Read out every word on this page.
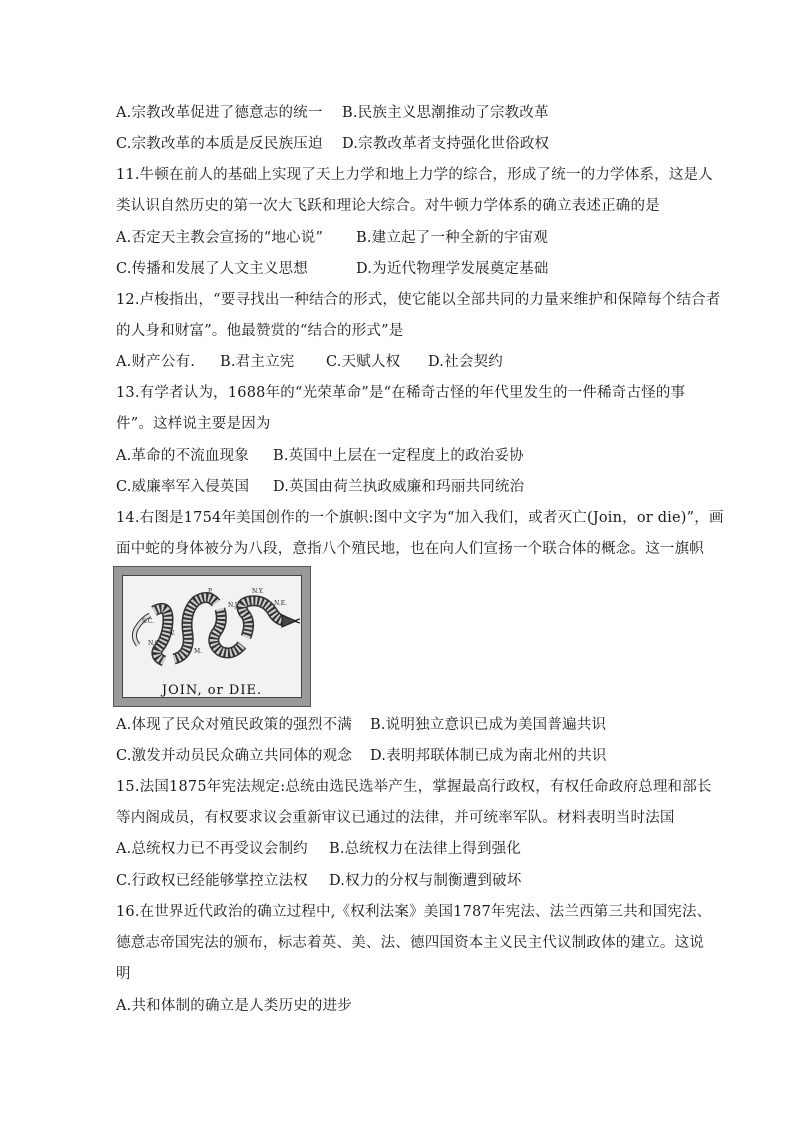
A.宗教改革促进了德意志的统一 B.民族主义思潮推动了宗教改革
C.宗教改革的本质是反民族压迫 D.宗教改革者支持强化世俗政权
11.牛顿在前人的基础上实现了天上力学和地上力学的综合，形成了统一的力学体系，这是人
类认识自然历史的第一次大飞跃和理论大综合。对牛顿力学体系的确立表述正确的是
A.否定天主教会宣扬的“地心说” B.建立起了一种全新的宇宙观
C.传播和发展了人文主义思想	D.为近代物理学发展奠定基础
12.卢梭指出，“要寻找出一种结合的形式，使它能以全部共同的力量来维护和保障每个结合者
的人身和财富”。他最赞赏的“结合的形式”是
A.财产公有. B.君主立宪 C.天赋人权 D.社会契约
13.有学者认为，1688年的“光荣革命”是“在稀奇古怪的年代里发生的一件稀奇古怪的事
件”。这样说主要是因为
A.革命的不流血现象 B.英国中上层在一定程度上的政治妥协
C.威廉率军入侵英国 D.英国由荷兰执政威廉和玛丽共同统治
14.右图是1754年美国创作的一个旗帜:图中文字为“加入我们，或者灭亡(Join，or die)”，画
面中蛇的身体被分为八段，意指八个殖民地，也在向人们宣扬一个联合体的概念。这一旗帜
S.C.
N.C.
V.
M.
P.
N.J.
N.Y.
N.E.
JOIN, or DIE.
A.体现了民众对殖民政策的强烈不满 B.说明独立意识已成为美国普遍共识
C.激发并动员民众确立共同体的观念 D.表明邦联体制已成为南北州的共识
15.法国1875年宪法规定:总统由选民选举产生，掌握最高行政权，有权任命政府总理和部长
等内阁成员，有权要求议会重新审议已通过的法律，并可统率军队。材料表明当时法国
A.总统权力已不再受议会制约 B.总统权力在法律上得到强化
C.行政权已经能够掌控立法权 D.权力的分权与制衡遭到破坏
16.在世界近代政治的确立过程中,《权利法案》美国1787年宪法、法兰西第三共和国宪法、
德意志帝国宪法的颁布，标志着英、美、法、德四国资本主义民主代议制政体的建立。这说
明
A.共和体制的确立是人类历史的进步
